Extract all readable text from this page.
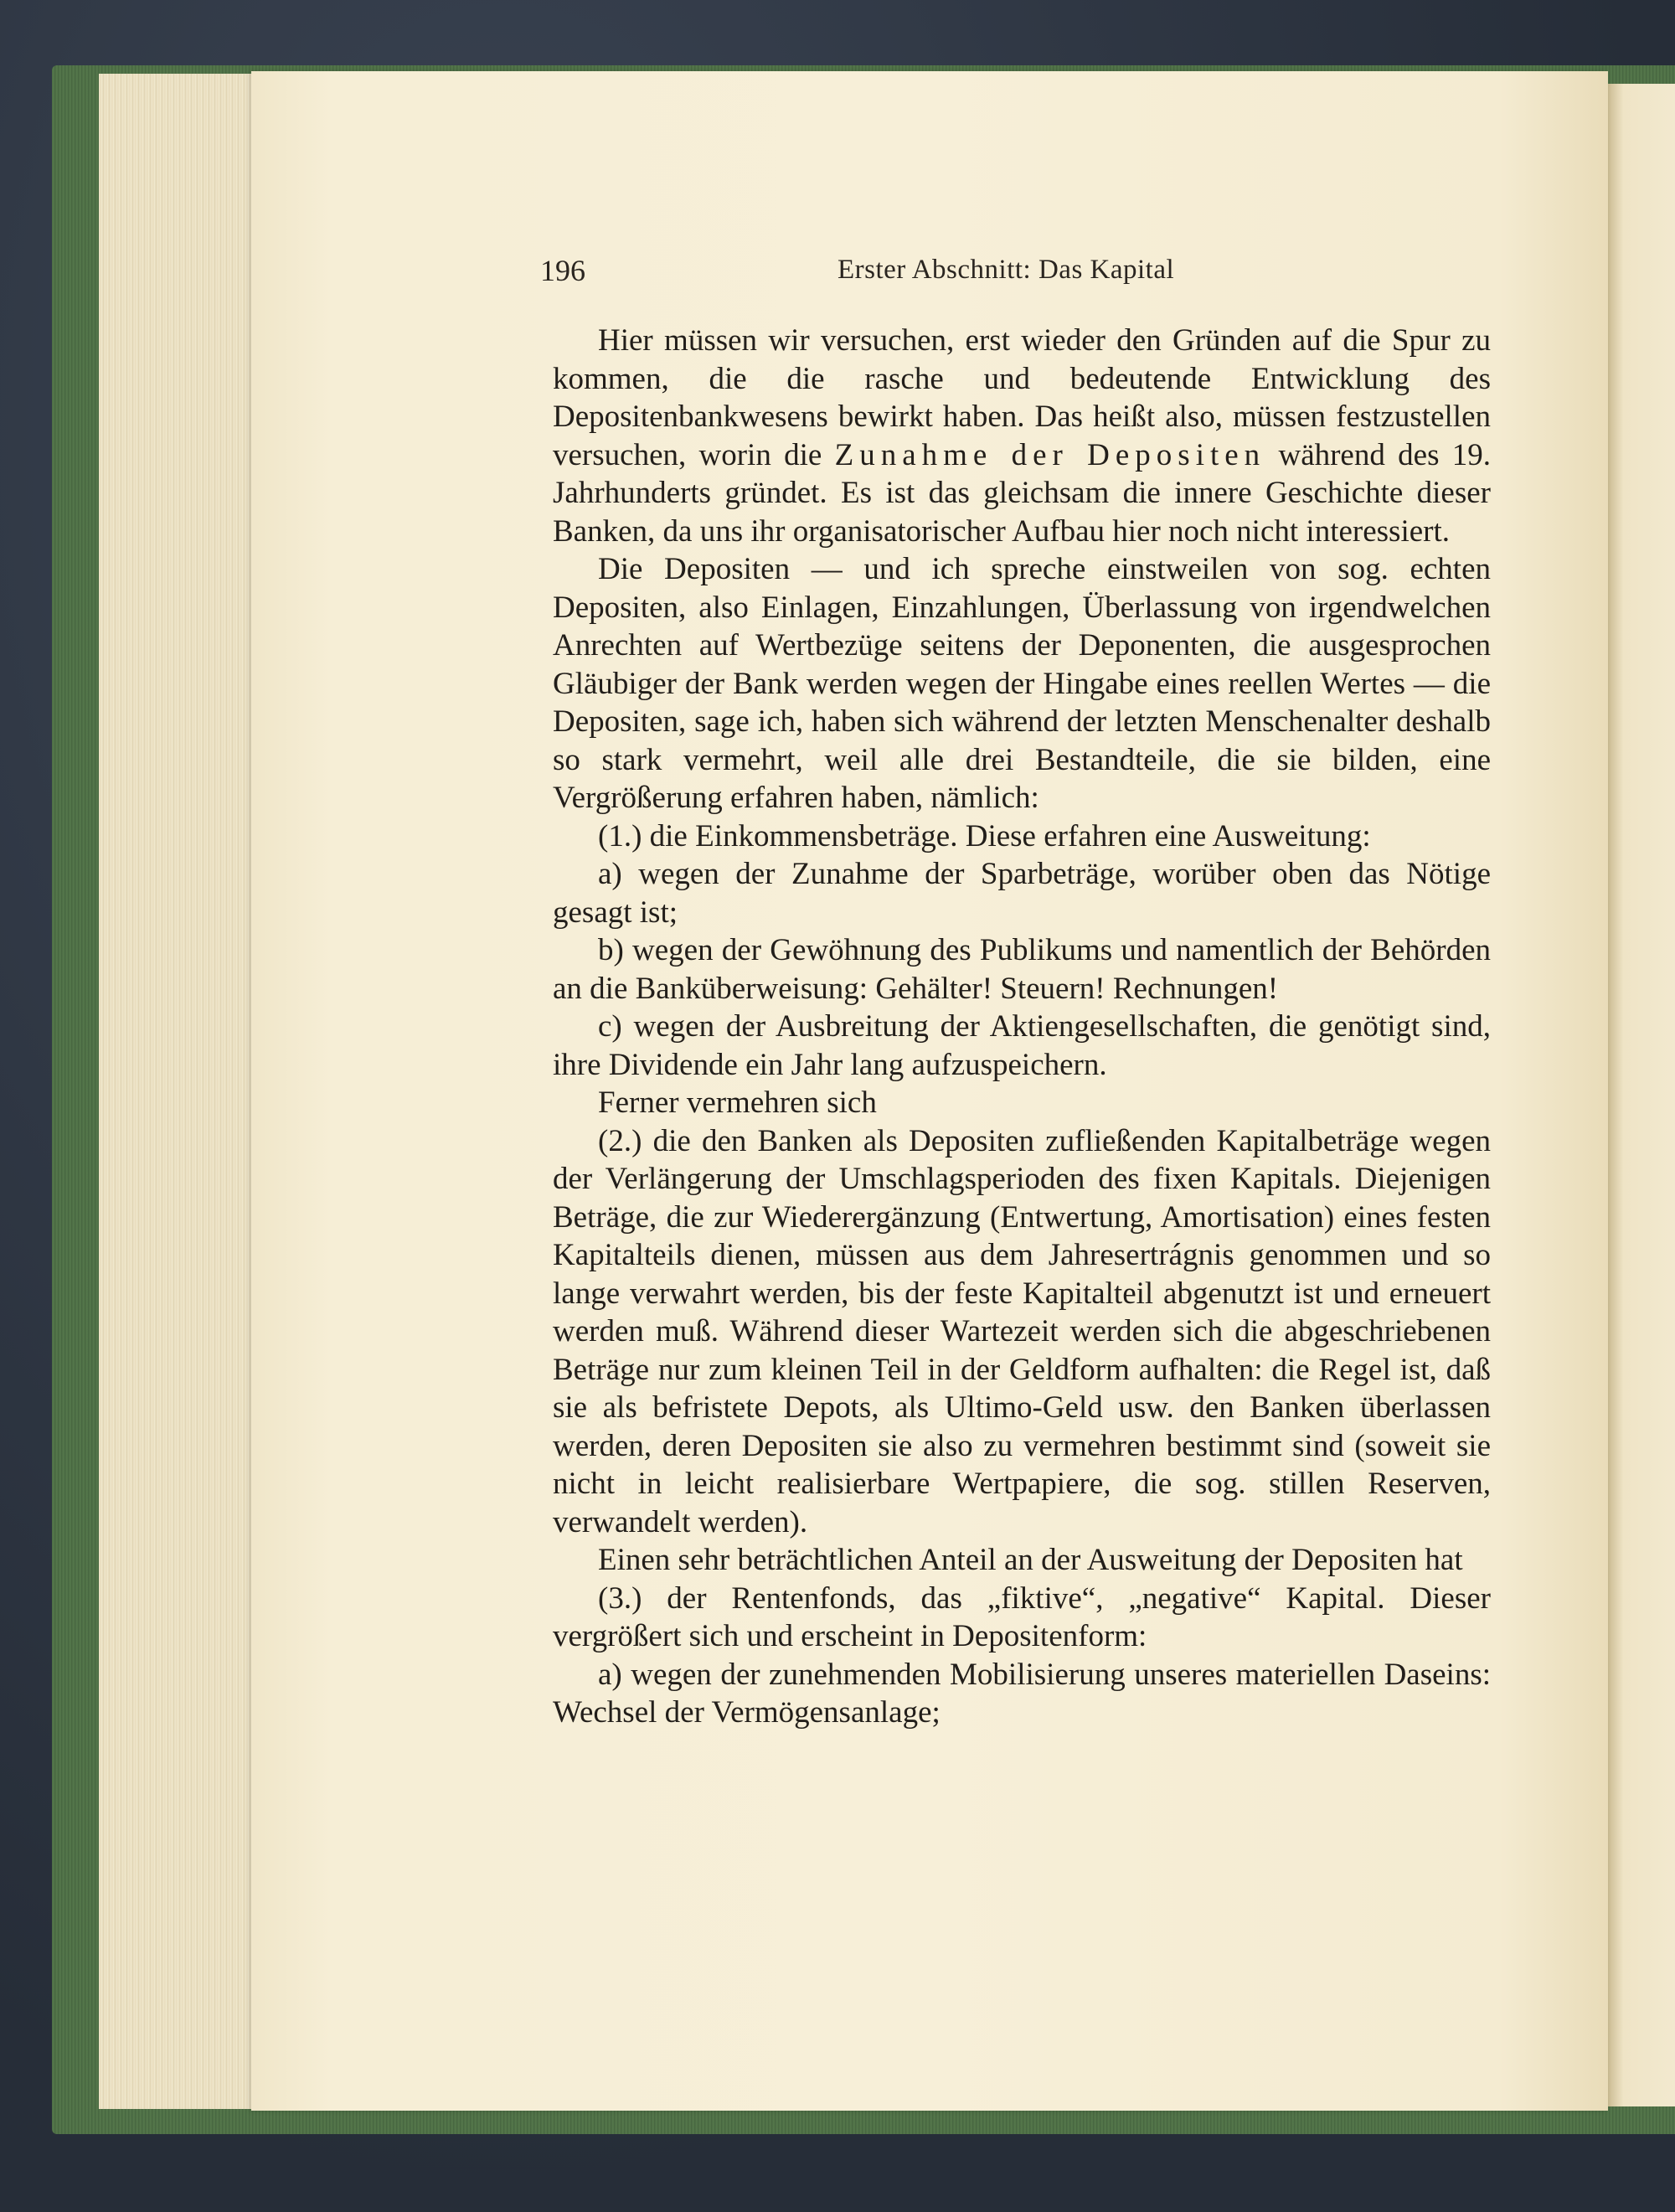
196	Erster Abschnitt: Das Kapital

Hier müssen wir versuchen, erst wieder den Gründen auf die Spur zu kommen, die die rasche und bedeutende Entwicklung des Depositenbankwesens bewirkt haben. Das heißt also, müssen festzustellen versuchen, worin die Zunahme der Depositen während des 19. Jahrhunderts gründet. Es ist das gleichsam die innere Geschichte dieser Banken, da uns ihr organisatorischer Aufbau hier noch nicht interessiert.

Die Depositen — und ich spreche einstweilen von sog. echten Depositen, also Einlagen, Einzahlungen, Überlassung von irgendwelchen Anrechten auf Wertbezüge seitens der Deponenten, die ausgesprochen Gläubiger der Bank werden wegen der Hingabe eines reellen Wertes — die Depositen, sage ich, haben sich während der letzten Menschenalter deshalb so stark vermehrt, weil alle drei Bestandteile, die sie bilden, eine Vergrößerung erfahren haben, nämlich:

(1.) die Einkommensbeträge. Diese erfahren eine Ausweitung:

a) wegen der Zunahme der Sparbeträge, worüber oben das Nötige gesagt ist;

b) wegen der Gewöhnung des Publikums und namentlich der Behörden an die Banküberweisung: Gehälter! Steuern! Rechnungen!

c) wegen der Ausbreitung der Aktiengesellschaften, die genötigt sind, ihre Dividende ein Jahr lang aufzuspeichern.

Ferner vermehren sich

(2.) die den Banken als Depositen zufließenden Kapitalbeträge wegen der Verlängerung der Umschlagsperioden des fixen Kapitals. Diejenigen Beträge, die zur Wiederergänzung (Entwertung, Amortisation) eines festen Kapitalteils dienen, müssen aus dem Jahresertrágnis genommen und so lange verwahrt werden, bis der feste Kapitalteil abgenutzt ist und erneuert werden muß. Während dieser Wartezeit werden sich die abgeschriebenen Beträge nur zum kleinen Teil in der Geldform aufhalten: die Regel ist, daß sie als befristete Depots, als Ultimo-Geld usw. den Banken überlassen werden, deren Depositen sie also zu vermehren bestimmt sind (soweit sie nicht in leicht realisierbare Wertpapiere, die sog. stillen Reserven, verwandelt werden).

Einen sehr beträchtlichen Anteil an der Ausweitung der Depositen hat

(3.) der Rentenfonds, das „fiktive“, „negative“ Kapital. Dieser vergrößert sich und erscheint in Depositenform:

a) wegen der zunehmenden Mobilisierung unseres materiellen Daseins: Wechsel der Vermögensanlage;
